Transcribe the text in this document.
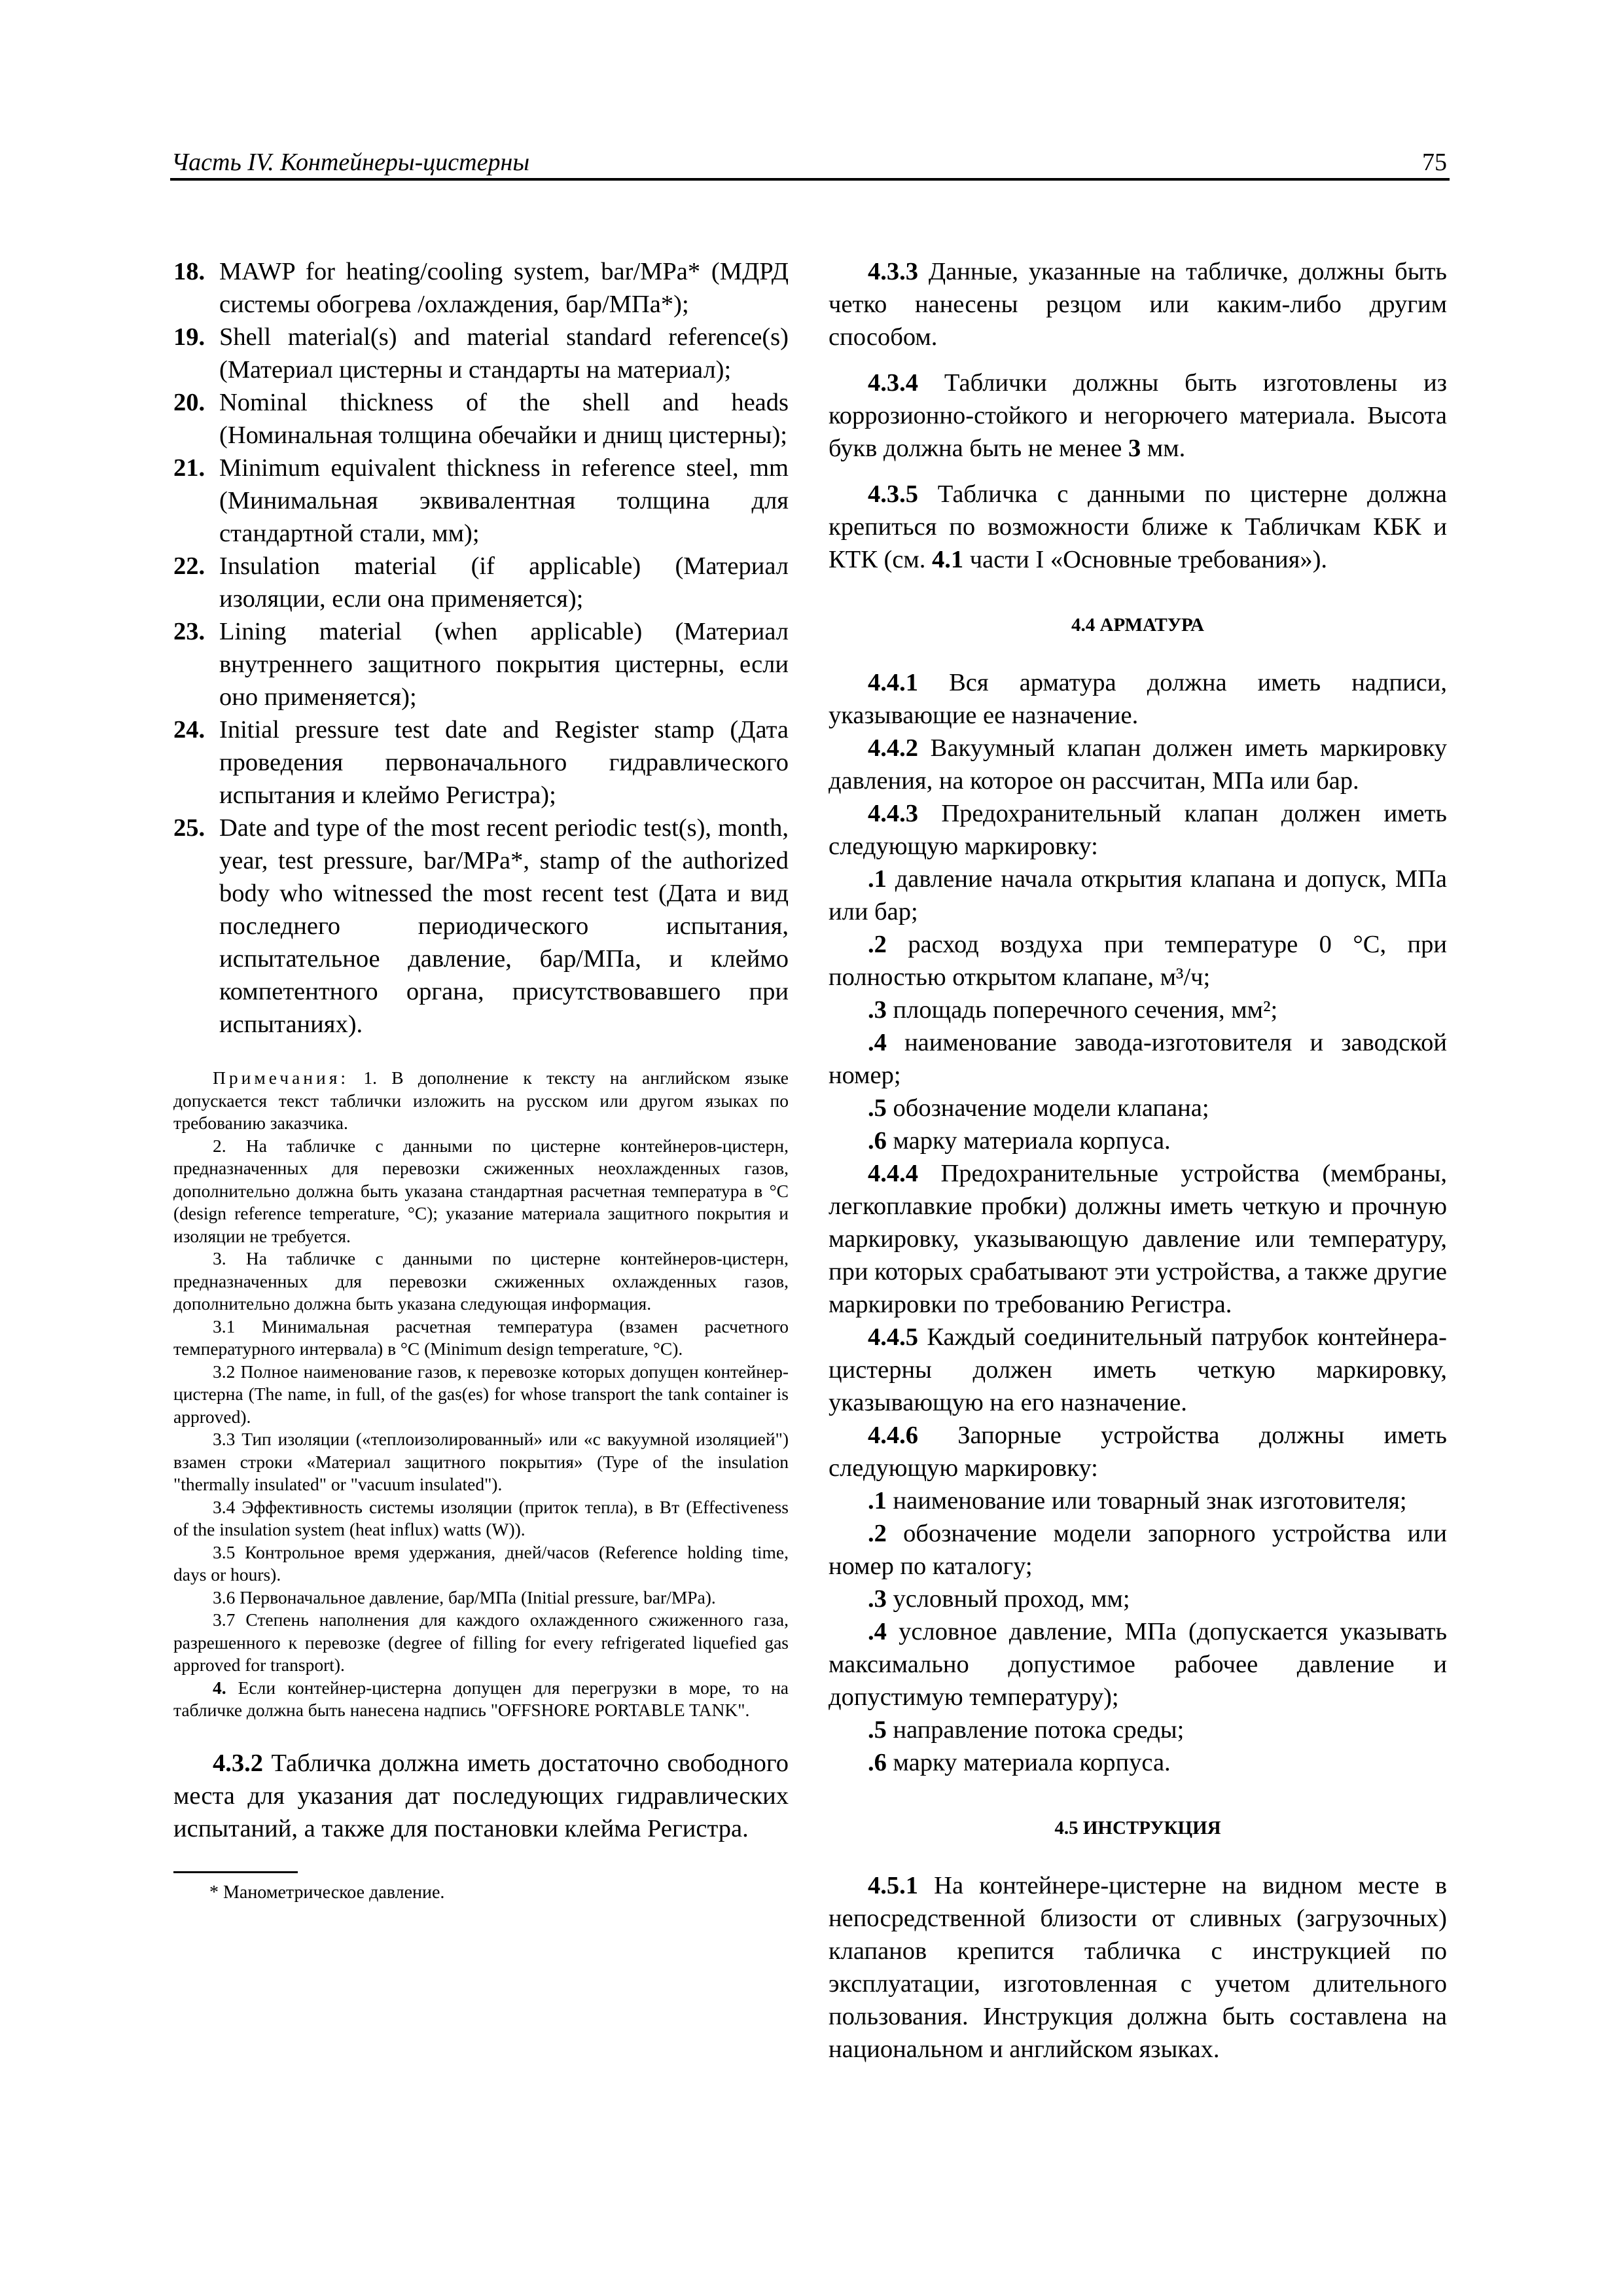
Часть IV. Контейнеры-цистерны	75
18. MAWP for heating/cooling system, bar/MPa* (МДРД системы обогрева /охлаждения, бар/МПа*);
19. Shell material(s) and material standard reference(s) (Материал цистерны и стандарты на материал);
20. Nominal thickness of the shell and heads (Номинальная толщина обечайки и днищ цистерны);
21. Minimum equivalent thickness in reference steel, mm (Минимальная эквивалентная толщина для стандартной стали, мм);
22. Insulation material (if applicable) (Материал изоляции, если она применяется);
23. Lining material (when applicable) (Материал внутреннего защитного покрытия цистерны, если оно применяется);
24. Initial pressure test date and Register stamp (Дата проведения первоначального гидравлического испытания и клеймо Регистра);
25. Date and type of the most recent periodic test(s), month, year, test pressure, bar/MPa*, stamp of the authorized body who witnessed the most recent test (Дата и вид последнего периодического испытания, испытательное давление, бар/МПа, и клеймо компетентного органа, присутствовавшего при испытаниях).

Примечания: 1. В дополнение к тексту на английском языке допускается текст таблички изложить на русском или другом языках по требованию заказчика.

2. На табличке с данными по цистерне контейнеров-цистерн, предназначенных для перевозки сжиженных неохлажденных газов, дополнительно должна быть указана стандартная расчетная температура в °С (design reference temperature, °C); указание материала защитного покрытия и изоляции не требуется.

3. На табличке с данными по цистерне контейнеров-цистерн, предназначенных для перевозки сжиженных охлажденных газов, дополнительно должна быть указана следующая информация.

3.1 Минимальная расчетная температура (взамен расчетного температурного интервала) в °С (Minimum design temperature, °C).

3.2 Полное наименование газов, к перевозке которых допущен контейнер-цистерна (The name, in full, of the gas(es) for whose transport the tank container is approved).

3.3 Тип изоляции («теплоизолированный» или «с вакуумной изоляцией") взамен строки «Материал защитного покрытия» (Type of the insulation "thermally insulated" or "vacuum insulated").

3.4 Эффективность системы изоляции (приток тепла), в Вт (Effectiveness of the insulation system (heat influx) watts (W)).

3.5 Контрольное время удержания, дней/часов (Reference holding time, days or hours).

3.6 Первоначальное давление, бар/МПа (Initial pressure, bar/MPa).

3.7 Степень наполнения для каждого охлажденного сжиженного газа, разрешенного к перевозке (degree of filling for every refrigerated liquefied gas approved for transport).

4. Если контейнер-цистерна допущен для перегрузки в море, то на табличке должна быть нанесена надпись "OFFSHORE PORTABLE TANK".

4.3.2 Табличка должна иметь достаточно свободного места для указания дат последующих гидравлических испытаний, а также для постановки клейма Регистра.

* Манометрическое давление.

4.3.3 Данные, указанные на табличке, должны быть четко нанесены резцом или каким-либо другим способом.

4.3.4 Таблички должны быть изготовлены из коррозионно-стойкого и негорючего материала. Высота букв должна быть не менее 3 мм.

4.3.5 Табличка с данными по цистерне должна крепиться по возможности ближе к Табличкам КБК и КТК (см. 4.1 части I «Основные требования»).

4.4 АРМАТУРА

4.4.1 Вся арматура должна иметь надписи, указывающие ее назначение.

4.4.2 Вакуумный клапан должен иметь маркировку давления, на которое он рассчитан, МПа или бар.

4.4.3 Предохранительный клапан должен иметь следующую маркировку:

.1 давление начала открытия клапана и допуск, МПа или бар;

.2 расход воздуха при температуре 0 °С, при полностью открытом клапане, м³/ч;

.3 площадь поперечного сечения, мм²;

.4 наименование завода-изготовителя и заводской номер;

.5 обозначение модели клапана;

.6 марку материала корпуса.

4.4.4 Предохранительные устройства (мембраны, легкоплавкие пробки) должны иметь четкую и прочную маркировку, указывающую давление или температуру, при которых срабатывают эти устройства, а также другие маркировки по требованию Регистра.

4.4.5 Каждый соединительный патрубок контейнера-цистерны должен иметь четкую маркировку, указывающую на его назначение.

4.4.6 Запорные устройства должны иметь следующую маркировку:

.1 наименование или товарный знак изготовителя;

.2 обозначение модели запорного устройства или номер по каталогу;

.3 условный проход, мм;

.4 условное давление, МПа (допускается указывать максимально допустимое рабочее давление и допустимую температуру);

.5 направление потока среды;

.6 марку материала корпуса.

4.5 ИНСТРУКЦИЯ

4.5.1 На контейнере-цистерне на видном месте в непосредственной близости от сливных (загрузочных) клапанов крепится табличка с инструкцией по эксплуатации, изготовленная с учетом длительного пользования. Инструкция должна быть составлена на национальном и английском языках.
